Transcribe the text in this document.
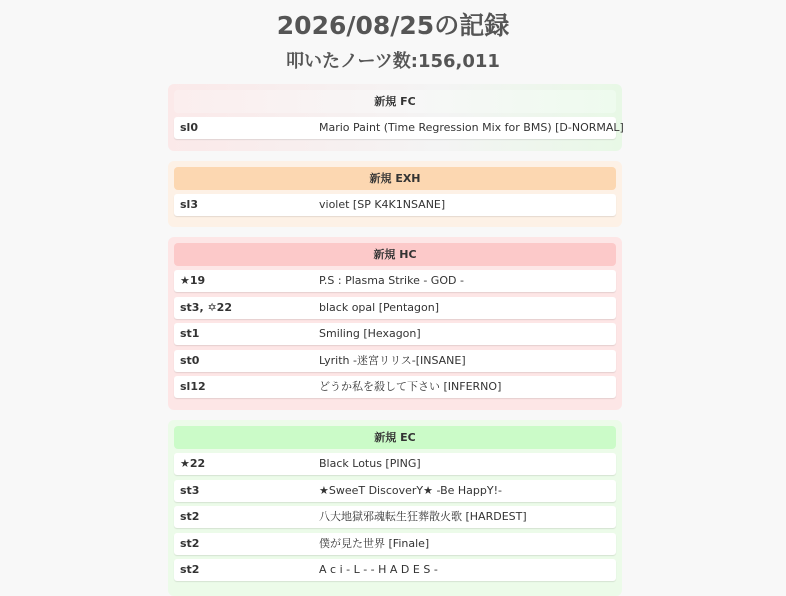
2026/08/25の記録
叩いたノーツ数:156,011
新規 FC
sl0	Mario Paint (Time Regression Mix for BMS) [D-NORMAL]
新規 EXH
sl3	violet [SP K4K1NSANE]
新規 HC
★19	P.S : Plasma Strike - GOD -
st3, ✡22	black opal [Pentagon]
st1	Smiling [Hexagon]
st0	Lyrith -迷宮リリス-[INSANE]
sl12	どうか私を殺して下さい [INFERNO]
新規 EC
★22	Black Lotus [PING]
st3	★SweeT DiscoverY★ -Be HappY!-
st2	八大地獄邪魂転生狂葬散火歌 [HARDEST]
st2	僕が見た世界 [Finale]
st2	A c i - L - - H A D E S -
